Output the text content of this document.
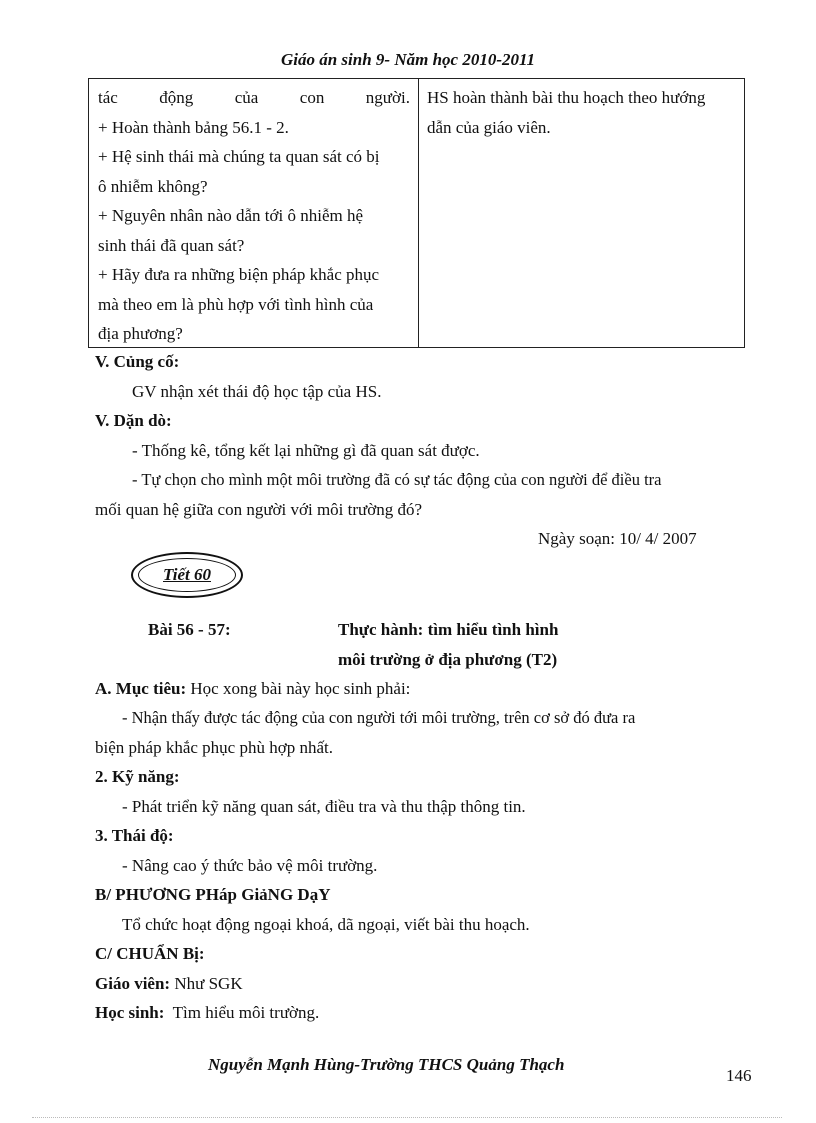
Giáo án sinh 9- Năm học 2010-2011
tác động của con người.
+ Hoàn thành bảng 56.1 - 2.
+ Hệ sinh thái mà chúng ta quan sát có bị
ô nhiễm không?
+ Nguyên nhân nào dẫn tới ô nhiễm hệ
sinh thái đã quan sát?
+ Hãy đưa ra những biện pháp khắc phục
mà theo em là phù hợp với tình hình của
địa phương?
HS hoàn thành bài thu hoạch theo hướng
dẫn của giáo viên.
V. Củng cố:
GV nhận xét thái độ học tập của HS.
V. Dặn dò:
- Thống kê, tổng kết lại những gì đã quan sát được.
- Tự chọn cho mình một môi trường đã có sự tác động của con người để điều tra
mối quan hệ giữa con người với môi trường đó?
Ngày soạn: 10/ 4/ 2007
Tiết 60
Bài 56 - 57:	Thực hành: tìm hiểu tình hình
môi trường ở địa phương (T2)
A. Mục tiêu: Học xong bài này học sinh phải:
- Nhận thấy được tác động của con người tới môi trường, trên cơ sở đó đưa ra
biện pháp khắc phục phù hợp nhất.
2. Kỹ năng:
- Phát triển kỹ năng quan sát, điều tra và thu thập thông tin.
3. Thái độ:
- Nâng cao ý thức bảo vệ môi trường.
B/ PHƯƠNG PHáp GiảNG DạY
Tổ chức hoạt động ngoại khoá, dã ngoại, viết bài thu hoạch.
C/ CHUẨN Bị:
Giáo viên: Như SGK
Học sinh: Tìm hiểu môi trường.
Nguyễn Mạnh Hùng-Trường THCS Quảng Thạch
146
